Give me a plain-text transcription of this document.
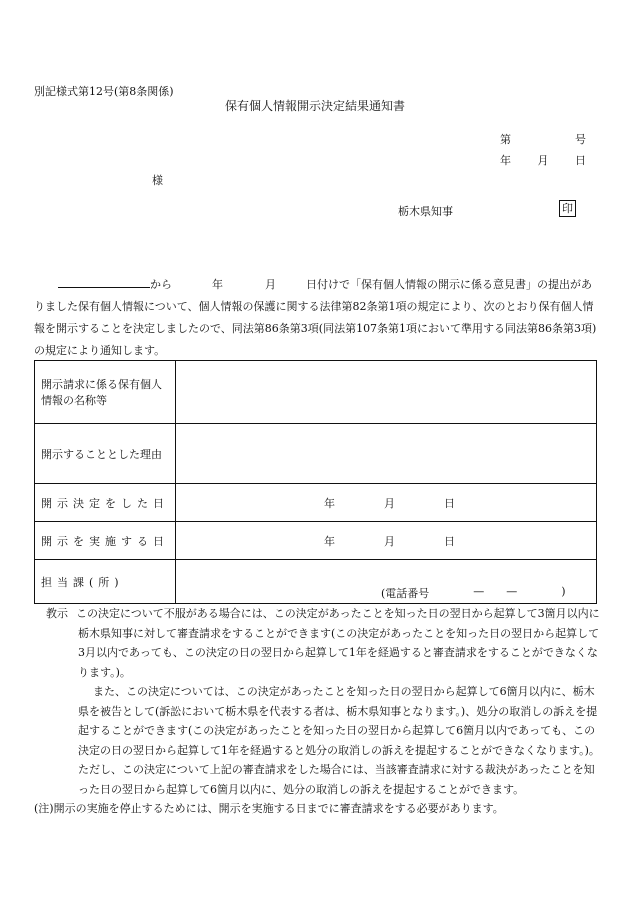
別記様式第12号(第8条関係)
保有個人情報開示決定結果通知書
第	号
年 月 日
様
栃木県知事	印
から	年	月	日付けで「保有個人情報の開示に係る意見書」の提出がありました保有個人情報について、個人情報の保護に関する法律第82条第1項の規定により、次のとおり保有個人情報を開示することを決定しましたので、同法第86条第3項(同法第107条第1項において準用する同法第86条第3項)の規定により通知します。
開示請求に係る保有個人情報の名称等	
開示することとした理由	
開示決定をした日	年 月 日

開示を実施する日	年 月 日

担当課(所)	(電話番号 — — )
教示 この決定について不服がある場合には、この決定があったことを知った日の翌日から起算して3箇月以内に栃木県知事に対して審査請求をすることができます(この決定があったことを知った日の翌日から起算して3月以内であっても、この決定の日の翌日から起算して1年を経過すると審査請求をすることができなくなります。)。
また、この決定については、この決定があったことを知った日の翌日から起算して6箇月以内に、栃木県を被告として(訴訟において栃木県を代表する者は、栃木県知事となります。)、処分の取消しの訴えを提起することができます(この決定があったことを知った日の翌日から起算して6箇月以内であっても、この決定の日の翌日から起算して1年を経過すると処分の取消しの訴えを提起することができなくなります。)。ただし、この決定について上記の審査請求をした場合には、当該審査請求に対する裁決があったことを知った日の翌日から起算して6箇月以内に、処分の取消しの訴えを提起することができます。
(注)開示の実施を停止するためには、開示を実施する日までに審査請求をする必要があります。
